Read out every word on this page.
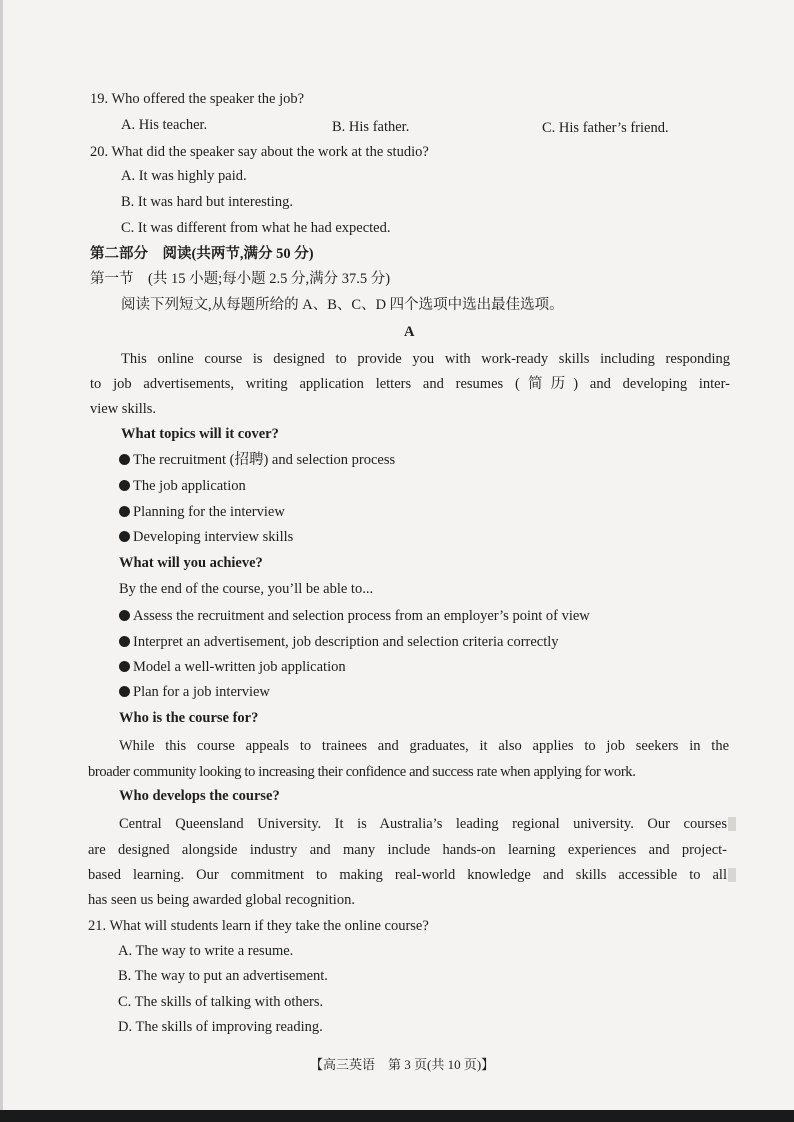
19. Who offered the speaker the job?
A. His teacher.	B. His father.	C. His father’s friend.
20. What did the speaker say about the work at the studio?
A. It was highly paid.
B. It was hard but interesting.
C. It was different from what he had expected.
第二部分　阅读(共两节,满分 50 分)
第一节　(共 15 小题;每小题 2.5 分,满分 37.5 分)
阅读下列短文,从每题所给的 A、B、C、D 四个选项中选出最佳选项。
A
This online course is designed to provide you with work-ready skills including responding
to job advertisements, writing application letters and resumes (简历) and developing inter-
view skills.
What topics will it cover?
The recruitment (招聘) and selection process
The job application
Planning for the interview
Developing interview skills
What will you achieve?
By the end of the course, you’ll be able to...
Assess the recruitment and selection process from an employer’s point of view
Interpret an advertisement, job description and selection criteria correctly
Model a well-written job application
Plan for a job interview
Who is the course for?
While this course appeals to trainees and graduates, it also applies to job seekers in the
broader community looking to increasing their confidence and success rate when applying for work.
Who develops the course?
Central Queensland University. It is Australia’s leading regional university. Our courses
are designed alongside industry and many include hands-on learning experiences and project-
based learning. Our commitment to making real-world knowledge and skills accessible to all
has seen us being awarded global recognition.
21. What will students learn if they take the online course?
A. The way to write a resume.
B. The way to put an advertisement.
C. The skills of talking with others.
D. The skills of improving reading.
【高三英语　第 3 页(共 10 页)】
